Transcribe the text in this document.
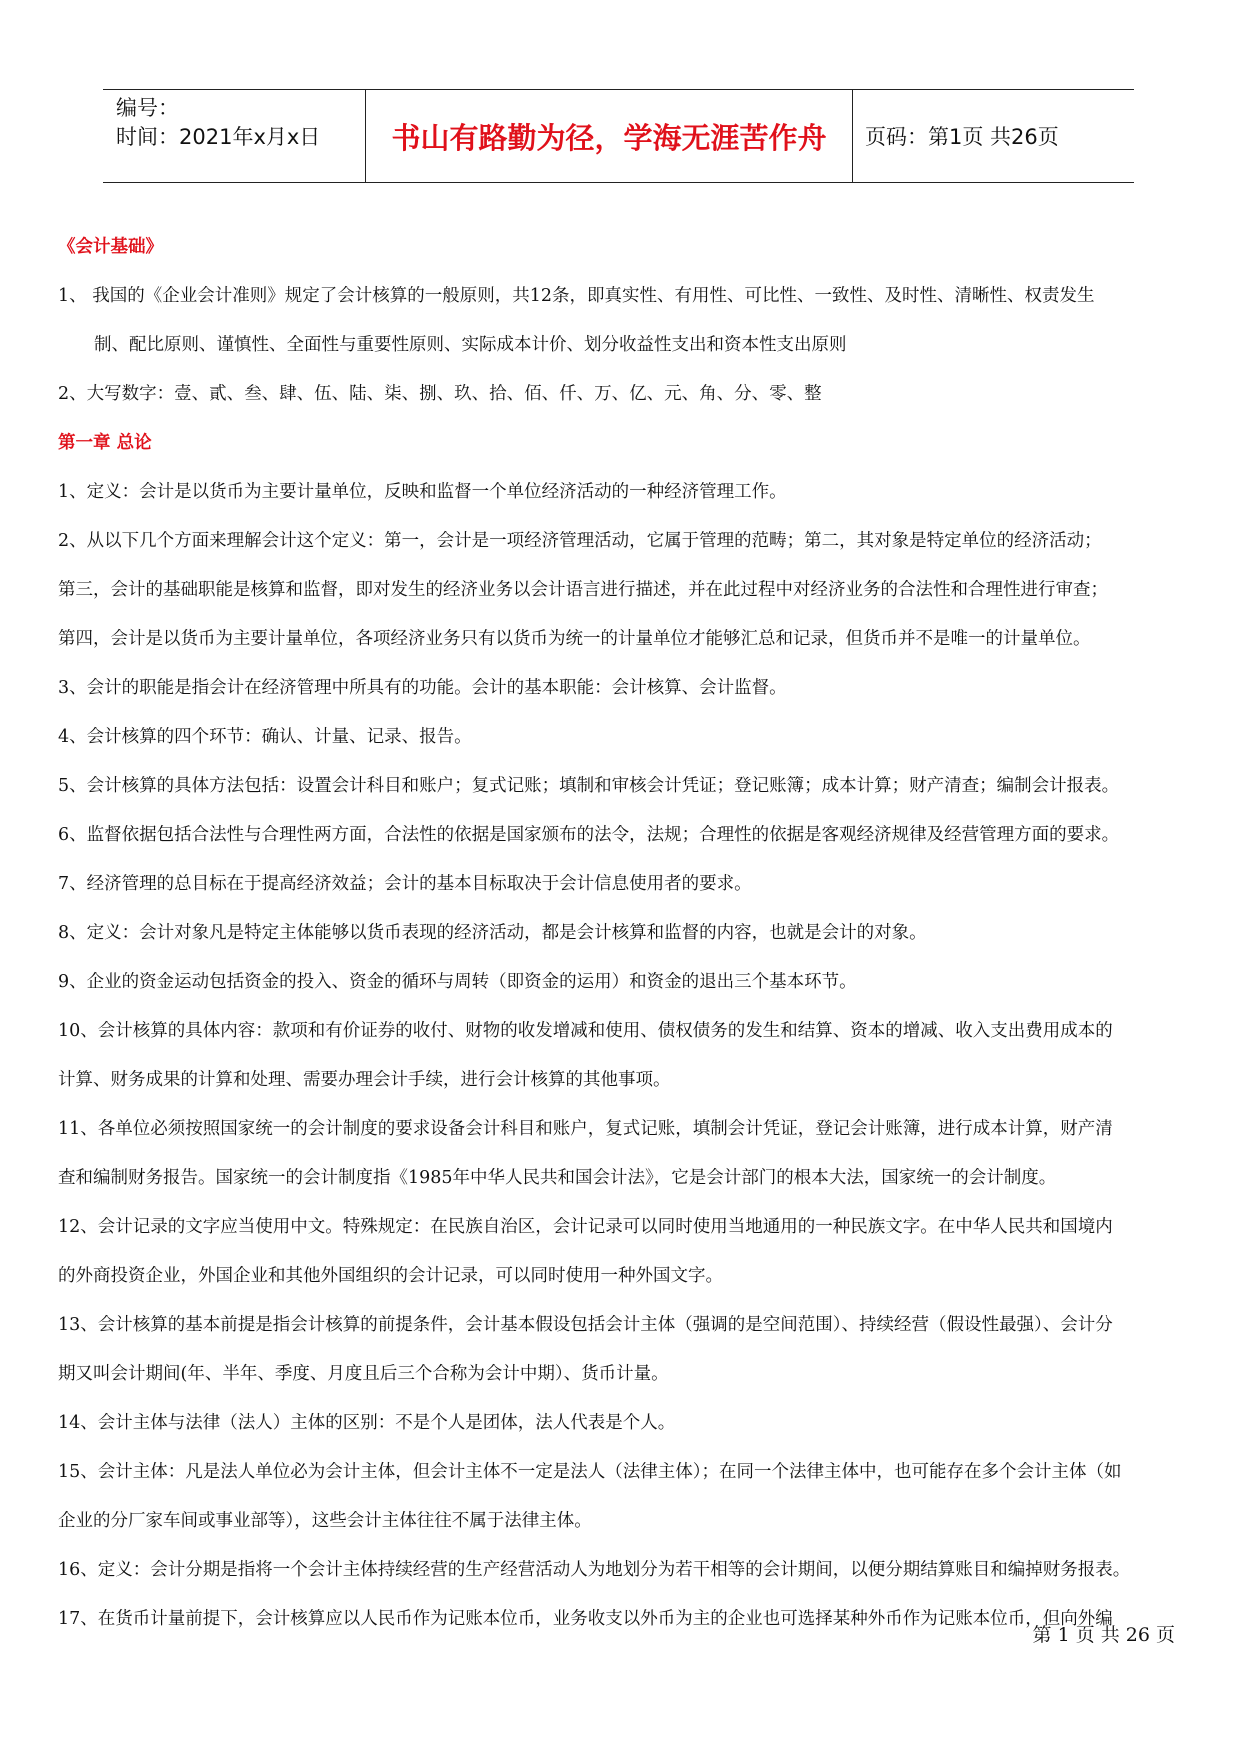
编号：
时间：2021年x月x日	书山有路勤为径，学海无涯苦作舟	页码：第1页 共26页

《会计基础》

1、 我国的《企业会计准则》规定了会计核算的一般原则，共12条，即真实性、有用性、可比性、一致性、及时性、清晰性、权责发生

制、配比原则、谨慎性、全面性与重要性原则、实际成本计价、划分收益性支出和资本性支出原则

2、大写数字：壹、貳、叁、肆、伍、陆、柒、捌、玖、拾、佰、仟、万、亿、元、角、分、零、整

第一章 总论

1、定义：会计是以货币为主要计量单位，反映和监督一个单位经济活动的一种经济管理工作。

2、从以下几个方面来理解会计这个定义：第一，会计是一项经济管理活动，它属于管理的范畴；第二，其对象是特定单位的经济活动；

第三，会计的基础职能是核算和监督，即对发生的经济业务以会计语言进行描述，并在此过程中对经济业务的合法性和合理性进行审查；

第四，会计是以货币为主要计量单位，各项经济业务只有以货币为统一的计量单位才能够汇总和记录，但货币并不是唯一的计量单位。

3、会计的职能是指会计在经济管理中所具有的功能。会计的基本职能：会计核算、会计监督。

4、会计核算的四个环节：确认、计量、记录、报告。

5、会计核算的具体方法包括：设置会计科目和账户；复式记账；填制和审核会计凭证；登记账簿；成本计算；财产清查；编制会计报表。

6、监督依据包括合法性与合理性两方面，合法性的依据是国家颁布的法令，法规；合理性的依据是客观经济规律及经营管理方面的要求。

7、经济管理的总目标在于提高经济效益；会计的基本目标取决于会计信息使用者的要求。

8、定义：会计对象凡是特定主体能够以货币表现的经济活动，都是会计核算和监督的内容，也就是会计的对象。

9、企业的资金运动包括资金的投入、资金的循环与周转（即资金的运用）和资金的退出三个基本环节。

10、会计核算的具体内容：款项和有价证券的收付、财物的收发增减和使用、债权债务的发生和结算、资本的增减、收入支出费用成本的

计算、财务成果的计算和处理、需要办理会计手续，进行会计核算的其他事项。

11、各单位必须按照国家统一的会计制度的要求设备会计科目和账户，复式记账，填制会计凭证，登记会计账簿，进行成本计算，财产清

查和编制财务报告。国家统一的会计制度指《1985年中华人民共和国会计法》，它是会计部门的根本大法，国家统一的会计制度。

12、会计记录的文字应当使用中文。特殊规定：在民族自治区，会计记录可以同时使用当地通用的一种民族文字。在中华人民共和国境内

的外商投资企业，外国企业和其他外国组织的会计记录，可以同时使用一种外国文字。

13、会计核算的基本前提是指会计核算的前提条件，会计基本假设包括会计主体（强调的是空间范围）、持续经营（假设性最强）、会计分

期又叫会计期间(年、半年、季度、月度且后三个合称为会计中期）、货币计量。

14、会计主体与法律（法人）主体的区别：不是个人是团体，法人代表是个人。

15、会计主体：凡是法人单位必为会计主体，但会计主体不一定是法人（法律主体）；在同一个法律主体中，也可能存在多个会计主体（如

企业的分厂家车间或事业部等），这些会计主体往往不属于法律主体。

16、定义：会计分期是指将一个会计主体持续经营的生产经营活动人为地划分为若干相等的会计期间，以便分期结算账目和编掉财务报表。

17、在货币计量前提下，会计核算应以人民币作为记账本位币，业务收支以外币为主的企业也可选择某种外币作为记账本位币，但向外编

第 1 页 共 26 页
